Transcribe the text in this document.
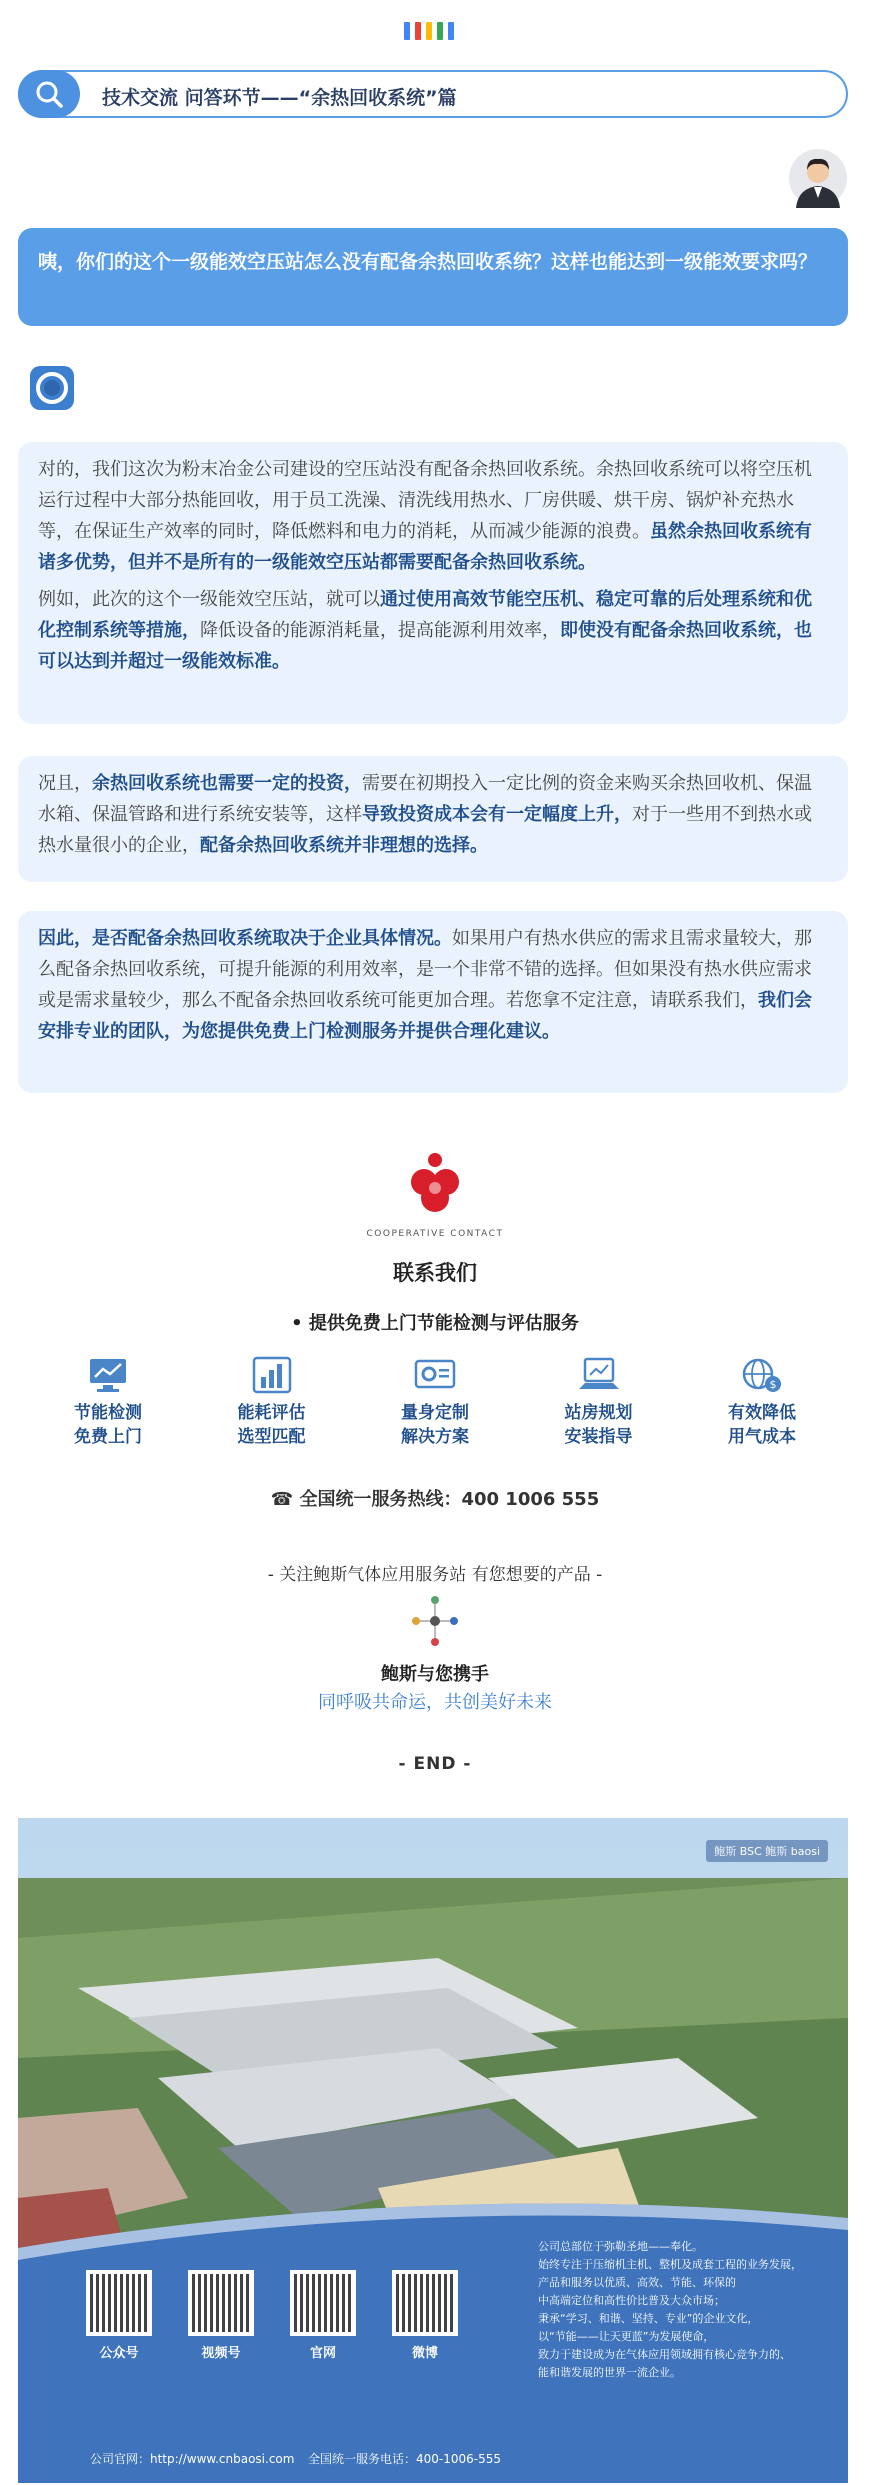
技术交流 问答环节——“余热回收系统”篇
咦，你们的这个一级能效空压站怎么没有配备余热回收系统？这样也能达到一级能效要求吗？

对的，我们这次为粉末冶金公司建设的空压站没有配备余热回收系统。余热回收系统可以将空压机运行过程中大部分热能回收，用于员工洗澡、清洗线用热水、厂房供暖、烘干房、锅炉补充热水等，在保证生产效率的同时，降低燃料和电力的消耗，从而减少能源的浪费。虽然余热回收系统有诸多优势，但并不是所有的一级能效空压站都需要配备余热回收系统。

例如，此次的这个一级能效空压站，就可以通过使用高效节能空压机、稳定可靠的后处理系统和优化控制系统等措施，降低设备的能源消耗量，提高能源利用效率，即使没有配备余热回收系统，也可以达到并超过一级能效标准。

况且，余热回收系统也需要一定的投资，需要在初期投入一定比例的资金来购买余热回收机、保温水箱、保温管路和进行系统安装等，这样导致投资成本会有一定幅度上升，对于一些用不到热水或热水量很小的企业，配备余热回收系统并非理想的选择。

因此，是否配备余热回收系统取决于企业具体情况。如果用户有热水供应的需求且需求量较大，那么配备余热回收系统，可提升能源的利用效率，是一个非常不错的选择。但如果没有热水供应需求或是需求量较少，那么不配备余热回收系统可能更加合理。若您拿不定注意，请联系我们，我们会安排专业的团队，为您提供免费上门检测服务并提供合理化建议。

COOPERATIVE CONTACT
联系我们
• 提供免费上门节能检测与评估服务
节能检测
免费上门
能耗评估
选型匹配
量身定制
解决方案
站房规划
安装指导
$
有效降低
用气成本
☎ 全国统一服务热线：400 1006 555
- 关注鲍斯气体应用服务站 有您想要的产品 -
鲍斯与您携手
同呼吸共命运，共创美好未来
- END -
鲍斯 BSC 鲍斯 baosi
公司总部位于弥勒圣地——奉化。
始终专注于压缩机主机、整机及成套工程的业务发展，
产品和服务以优质、高效、节能、环保的
中高端定位和高性价比普及大众市场；
秉承“学习、和谐、坚持、专业”的企业文化，
以“节能——让天更蓝”为发展使命，
致力于建设成为在气体应用领域拥有核心竞争力的、
能和谐发展的世界一流企业。
公众号	视频号	官网	微博
公司官网：http://www.cnbaosi.com 全国统一服务电话：400-1006-555
